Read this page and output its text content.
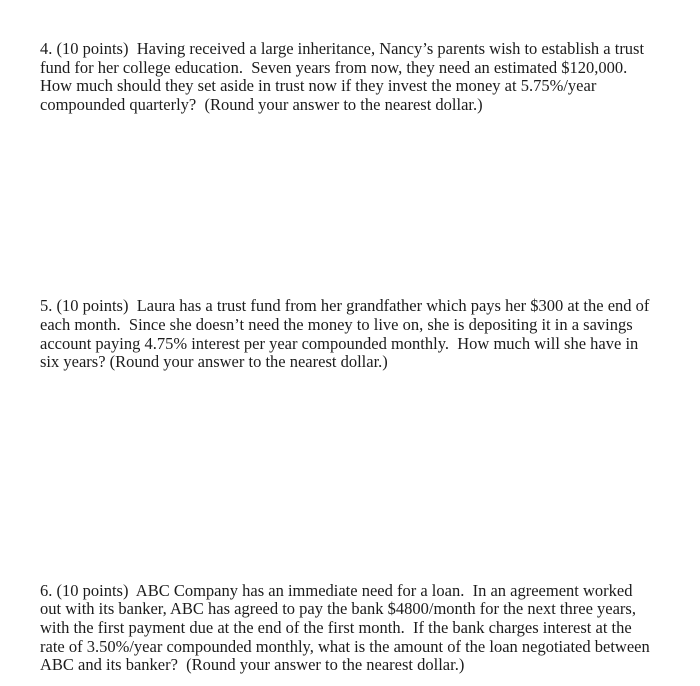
4. (10 points)  Having received a large inheritance, Nancy’s parents wish to establish a trust fund for her college education.  Seven years from now, they need an estimated $120,000.  How much should they set aside in trust now if they invest the money at 5.75%/year compounded quarterly?  (Round your answer to the nearest dollar.)

5. (10 points)  Laura has a trust fund from her grandfather which pays her $300 at the end of each month.  Since she doesn’t need the money to live on, she is depositing it in a savings account paying 4.75% interest per year compounded monthly.  How much will she have in six years? (Round your answer to the nearest dollar.)

6. (10 points)  ABC Company has an immediate need for a loan.  In an agreement worked out with its banker, ABC has agreed to pay the bank $4800/month for the next three years, with the first payment due at the end of the first month.  If the bank charges interest at the rate of 3.50%/year compounded monthly, what is the amount of the loan negotiated between ABC and its banker?  (Round your answer to the nearest dollar.)
